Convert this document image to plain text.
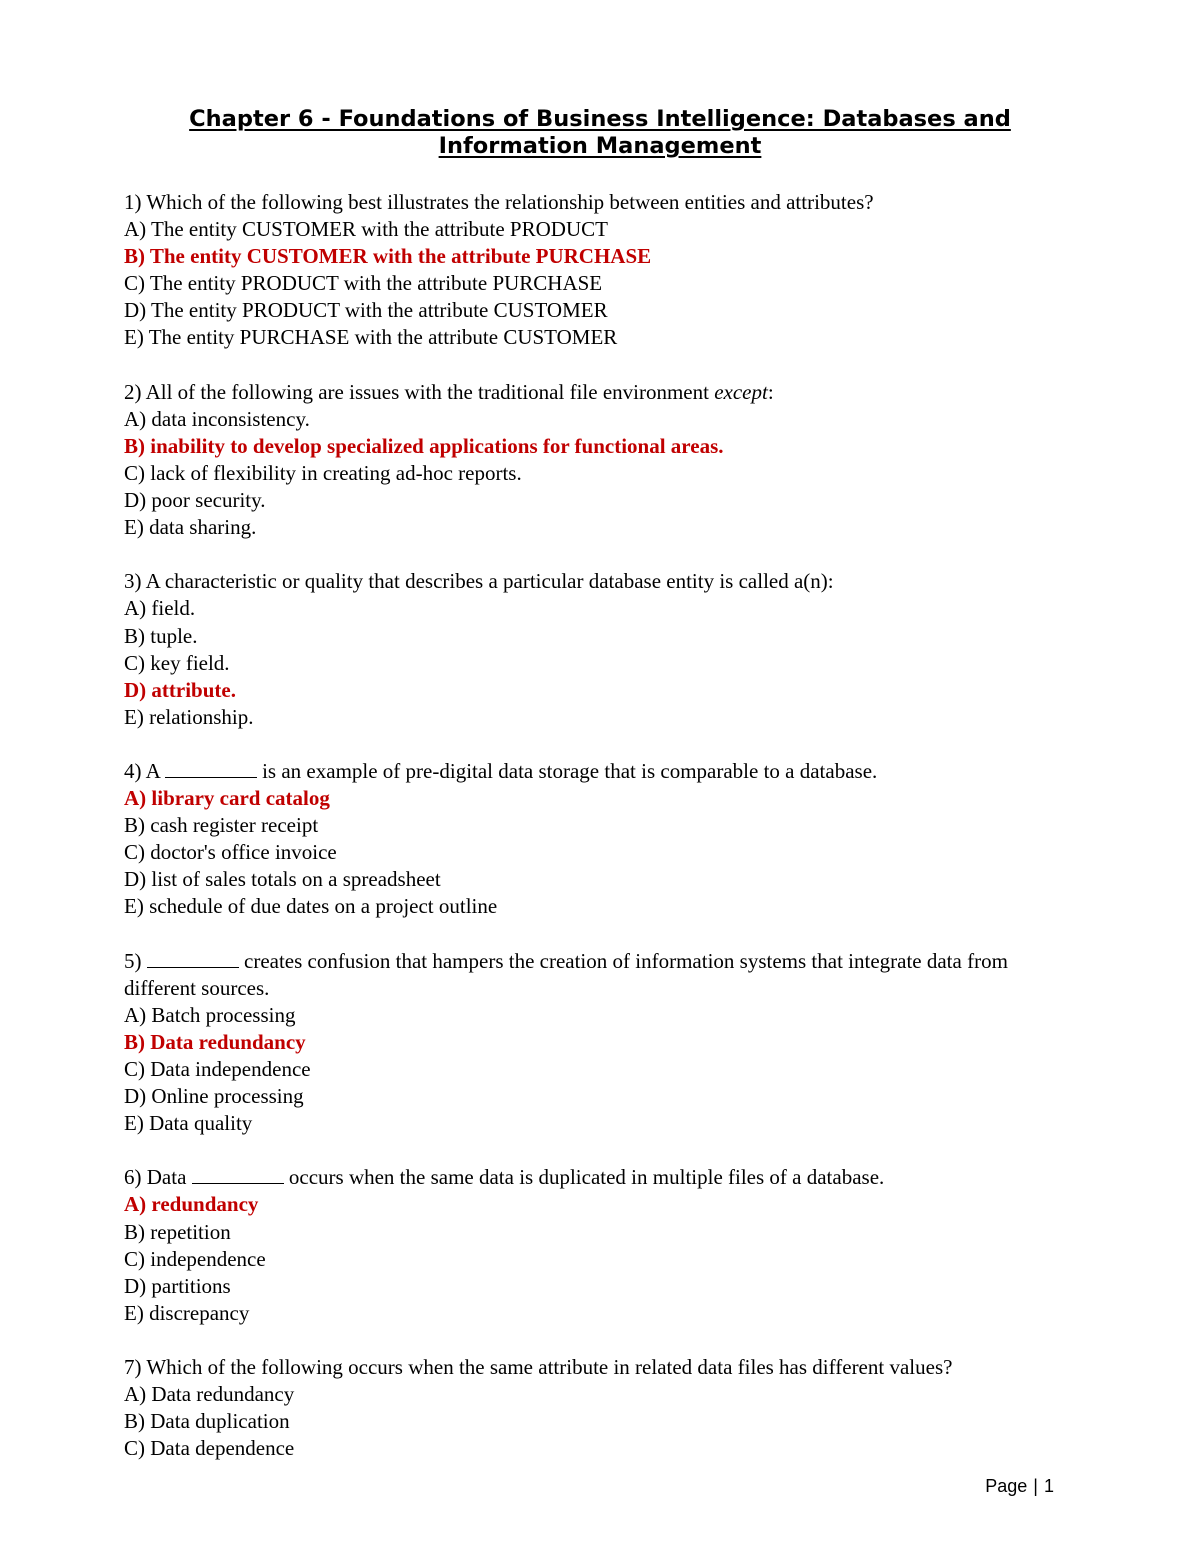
Chapter 6 - Foundations of Business Intelligence: Databases and Information Management

1) Which of the following best illustrates the relationship between entities and attributes?

A) The entity CUSTOMER with the attribute PRODUCT

B) The entity CUSTOMER with the attribute PURCHASE

C) The entity PRODUCT with the attribute PURCHASE

D) The entity PRODUCT with the attribute CUSTOMER

E) The entity PURCHASE with the attribute CUSTOMER

2) All of the following are issues with the traditional file environment except:

A) data inconsistency.

B) inability to develop specialized applications for functional areas.

C) lack of flexibility in creating ad-hoc reports.

D) poor security.

E) data sharing.

3) A characteristic or quality that describes a particular database entity is called a(n):

A) field.

B) tuple.

C) key field.

D) attribute.

E) relationship.

4) A	is an example of pre-digital data storage that is comparable to a database.

A) library card catalog

B) cash register receipt

C) doctor's office invoice

D) list of sales totals on a spreadsheet

E) schedule of due dates on a project outline

5)	creates confusion that hampers the creation of information systems that integrate data from different sources.

A) Batch processing

B) Data redundancy

C) Data independence

D) Online processing

E) Data quality

6) Data	occurs when the same data is duplicated in multiple files of a database.

A) redundancy

B) repetition

C) independence

D) partitions

E) discrepancy

7) Which of the following occurs when the same attribute in related data files has different values?

A) Data redundancy

B) Data duplication

C) Data dependence

Page | 1
